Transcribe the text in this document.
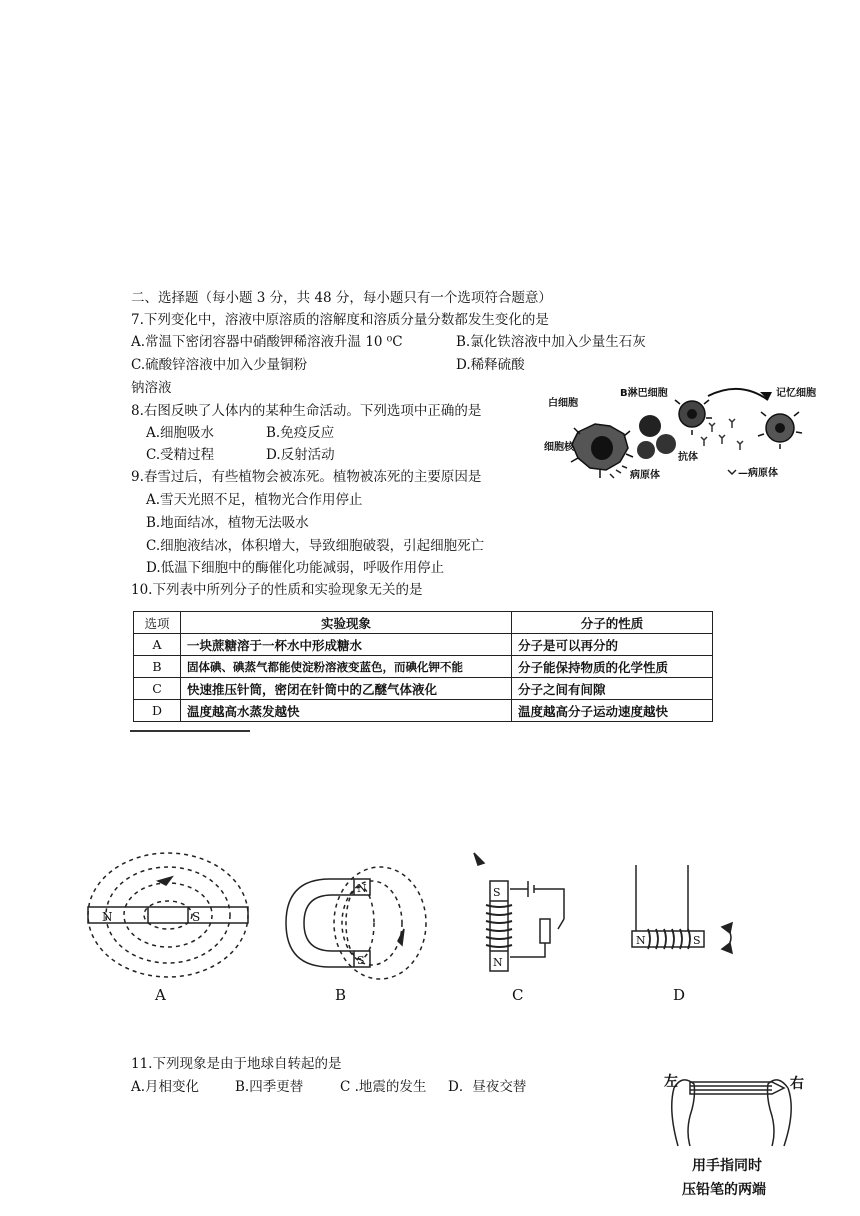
二、选择题（每小题 3 分，共 48 分，每小题只有一个选项符合题意）
7.下列变化中，溶液中原溶质的溶解度和溶质分量分数都发生变化的是
A.常温下密闭容器中硝酸钾稀溶液升温 10 ⁰C	B.氯化铁溶液中加入少量生石灰
C.硫酸锌溶液中加入少量铜粉	D.稀释硫酸
钠溶液
8.右图反映了人体内的某种生命活动。下列选项中正确的是
A.细胞吸水	B.免疫反应
C.受精过程	D.反射活动
白细胞
B淋巴细胞	记忆细胞
细胞核
抗体
病原体	—病原体
9.春雪过后，有些植物会被冻死。植物被冻死的主要原因是
A.雪天光照不足，植物光合作用停止
B.地面结冰，植物无法吸水
C.细胞液结冰，体积增大，导致细胞破裂，引起细胞死亡
D.低温下细胞中的酶催化功能减弱，呼吸作用停止
10.下列表中所列分子的性质和实验现象无关的是
选项	实验现象	分子的性质
A	一块蔗糖溶于一杯水中形成糖水	分子是可以再分的
B	固体碘、碘蒸气都能使淀粉溶液变蓝色，而碘化钾不能	分子能保持物质的化学性质
C	快速推压针筒，密闭在针筒中的乙醚气体液化	分子之间有间隙
D	温度越高水蒸发越快	温度越高分子运动速度越快
N	S
N
S
S
N
N	S
A	B	C	D
11.下列现象是由于地球自转起的是
A.月相变化	B.四季更替	C .地震的发生 D．昼夜交替	左	右
用手指同时
压铅笔的两端
